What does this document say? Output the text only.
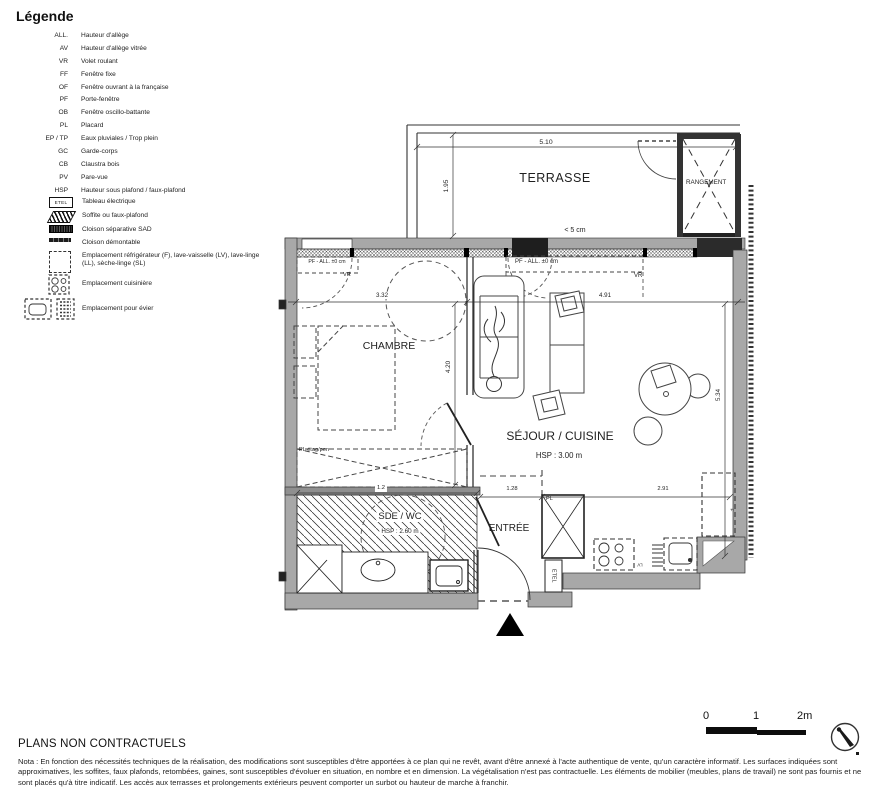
TERRASSE	RANGEMENT
< 5 cm
5.10
1.95
PF - ALL. ±0 cm
VR
PF - ALL. ±0 cm
VR
3.32	4.91
CHAMBRE
4.20
5.34
SÉJOUR / CUISINE
HSP : 3.00 m
PL étag/pen
SDE / WC
HSP : 2.60 m
1.2	1.28	2.91
ENTRÉE
PL
ETEL
LV
F
Légende
ALL. Hauteur d'allège
AV Hauteur d'allège vitrée
VR Volet roulant
FF Fenêtre fixe
OF Fenêtre ouvrant à la française
PF Porte-fenêtre
OB Fenêtre oscillo-battante
PL Placard
EP / TP Eaux pluviales / Trop plein
GC Garde-corps
CB Claustra bois
PV Pare-vue
HSP Hauteur sous plafond / faux-plafond
ETEL Tableau électrique
Soffite ou faux-plafond
Cloison séparative SAD
Cloison démontable
Emplacement réfrigérateur (F), lave-vaisselle (LV), lave-linge (LL), sèche-linge (SL)
Emplacement cuisinière
Emplacement pour évier
0	1	2m
PLANS NON CONTRACTUELS
Nota : En fonction des nécessités techniques de la réalisation, des modifications sont susceptibles d'être apportées à ce plan qui ne revêt, avant d'être annexé à l'acte authentique de vente, qu'un caractère informatif. Les surfaces indiquées sont approximatives, les soffites, faux plafonds, retombées, gaines, sont susceptibles d'évoluer en situation, en nombre et en dimension. La végétalisation n'est pas contractuelle. Les éléments de mobilier (meubles, plans de travail) ne sont pas fournis et ne sont placés qu'à titre indicatif. Les accès aux terrasses et prolongements extérieurs peuvent comporter un surbot ou hauteur de marche à franchir.
